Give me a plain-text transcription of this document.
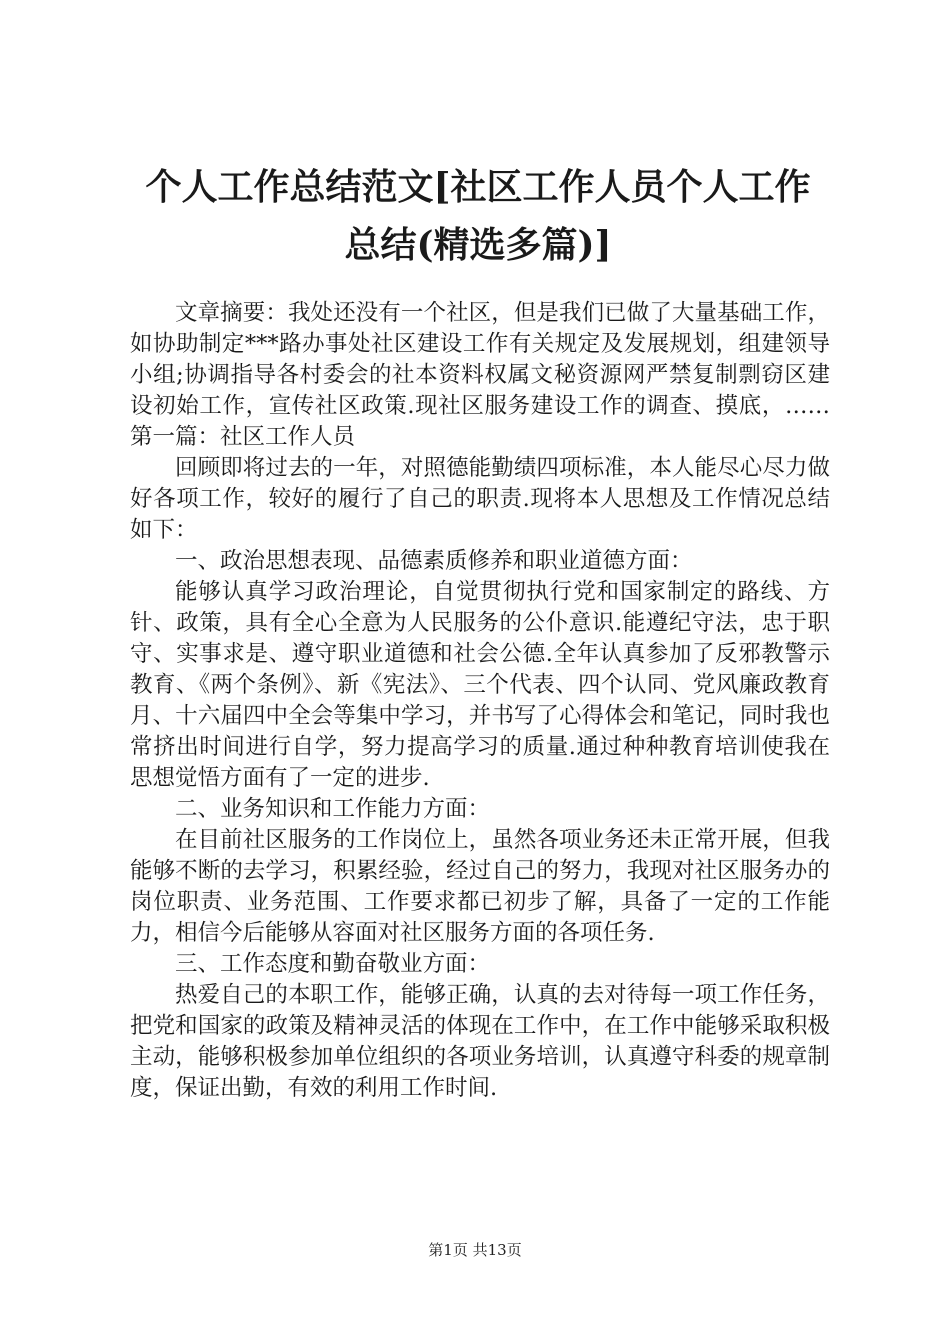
个人工作总结范文[社区工作人员个人工作总结(精选多篇)]

文章摘要：我处还没有一个社区，但是我们已做了大量基础工作，如协助制定***路办事处社区建设工作有关规定及发展规划，组建领导小组;协调指导各村委会的社本资料权属文秘资源网严禁复制剽窃区建设初始工作，宣传社区政策.现社区服务建设工作的调查、摸底，……第一篇：社区工作人员

回顾即将过去的一年，对照德能勤绩四项标准，本人能尽心尽力做好各项工作，较好的履行了自己的职责.现将本人思想及工作情况总结如下：

一、政治思想表现、品德素质修养和职业道德方面：

能够认真学习政治理论，自觉贯彻执行党和国家制定的路线、方针、政策，具有全心全意为人民服务的公仆意识.能遵纪守法，忠于职守、实事求是、遵守职业道德和社会公德.全年认真参加了反邪教警示教育、《两个条例》、新《宪法》、三个代表、四个认同、党风廉政教育月、十六届四中全会等集中学习，并书写了心得体会和笔记，同时我也常挤出时间进行自学，努力提高学习的质量.通过种种教育培训使我在思想觉悟方面有了一定的进步.

二、业务知识和工作能力方面：

在目前社区服务的工作岗位上，虽然各项业务还未正常开展，但我能够不断的去学习，积累经验，经过自己的努力，我现对社区服务办的岗位职责、业务范围、工作要求都已初步了解，具备了一定的工作能力，相信今后能够从容面对社区服务方面的各项任务.

三、工作态度和勤奋敬业方面：

热爱自己的本职工作，能够正确，认真的去对待每一项工作任务，把党和国家的政策及精神灵活的体现在工作中，在工作中能够采取积极主动，能够积极参加单位组织的各项业务培训，认真遵守科委的规章制度，保证出勤，有效的利用工作时间.

第1页 共13页
